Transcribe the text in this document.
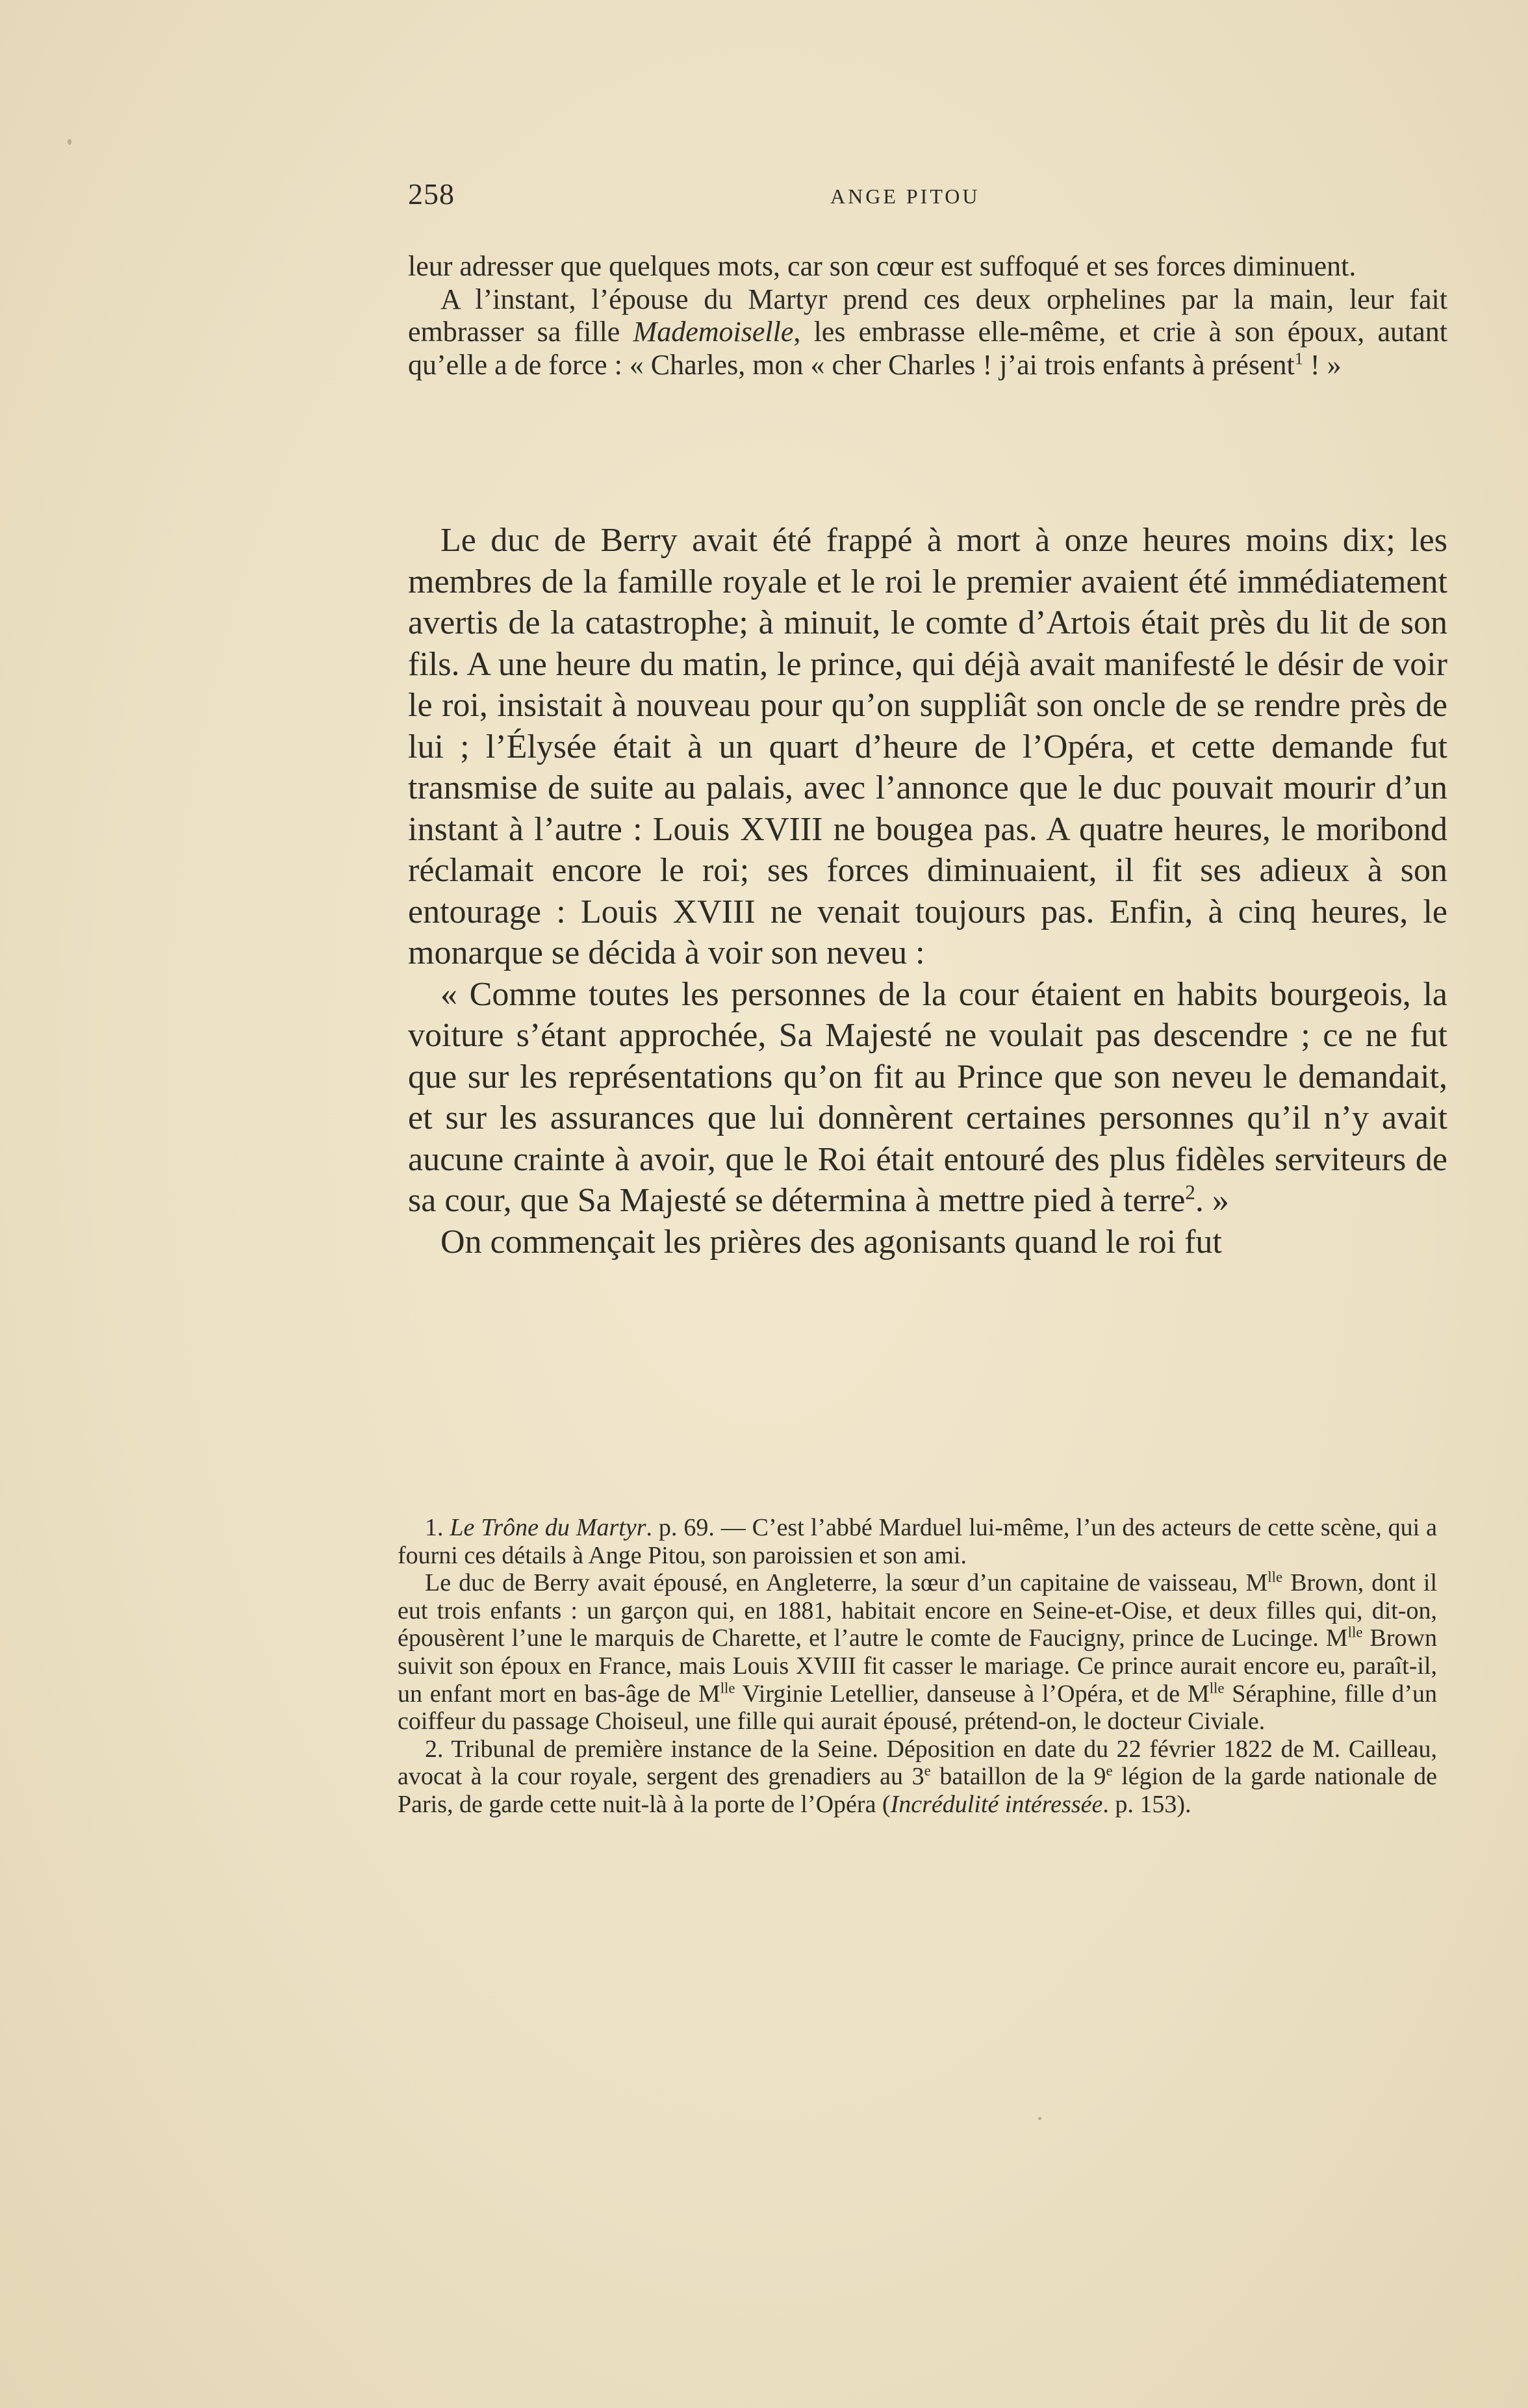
258	ANGE PITOU

leur adresser que quelques mots, car son cœur est suffoqué et ses forces diminuent.

A l’instant, l’épouse du Martyr prend ces deux orphelines par la main, leur fait embrasser sa fille Mademoiselle, les embrasse elle-même, et crie à son époux, autant qu’elle a de force : « Charles, mon « cher Charles ! j’ai trois enfants à présent$^1$ ! »

Le duc de Berry avait été frappé à mort à onze heures moins dix; les membres de la famille royale et le roi le premier avaient été immédiatement avertis de la catastrophe; à minuit, le comte d’Artois était près du lit de son fils. A une heure du matin, le prince, qui déjà avait manifesté le désir de voir le roi, insistait à nouveau pour qu’on suppliât son oncle de se rendre près de lui ; l’Élysée était à un quart d’heure de l’Opéra, et cette demande fut transmise de suite au palais, avec l’annonce que le duc pouvait mourir d’un instant à l’autre : Louis XVIII ne bougea pas. A quatre heures, le moribond réclamait encore le roi; ses forces diminuaient, il fit ses adieux à son entourage : Louis XVIII ne venait toujours pas. Enfin, à cinq heures, le monarque se décida à voir son neveu :

« Comme toutes les personnes de la cour étaient en habits bourgeois, la voiture s’étant approchée, Sa Majesté ne voulait pas descendre ; ce ne fut que sur les représentations qu’on fit au Prince que son neveu le demandait, et sur les assurances que lui donnèrent certaines personnes qu’il n’y avait aucune crainte à avoir, que le Roi était entouré des plus fidèles serviteurs de sa cour, que Sa Majesté se détermina à mettre pied à terre$^2$. »

On commençait les prières des agonisants quand le roi fut

1. Le Trône du Martyr. p. 69. — C’est l’abbé Marduel lui-même, l’un des acteurs de cette scène, qui a fourni ces détails à Ange Pitou, son paroissien et son ami.

Le duc de Berry avait épousé, en Angleterre, la sœur d’un capitaine de vaisseau, $M^{lle}$ Brown, dont il eut trois enfants : un garçon qui, en 1881, habitait encore en Seine-et-Oise, et deux filles qui, dit-on, épousèrent l’une le marquis de Charette, et l’autre le comte de Faucigny, prince de Lucinge. $M^{lle}$ Brown suivit son époux en France, mais Louis XVIII fit casser le mariage. Ce prince aurait encore eu, paraît-il, un enfant mort en bas-âge de $M^{lle}$ Virginie Letellier, danseuse à l’Opéra, et de $M^{lle}$ Séraphine, fille d’un coiffeur du passage Choiseul, une fille qui aurait épousé, prétend-on, le docteur Civiale.

2. Tribunal de première instance de la Seine. Déposition en date du 22 février 1822 de M. Cailleau, avocat à la cour royale, sergent des grenadiers au 3e bataillon de la 9e légion de la garde nationale de Paris, de garde cette nuit-là à la porte de l’Opéra (Incrédulité intéressée. p. 153).
